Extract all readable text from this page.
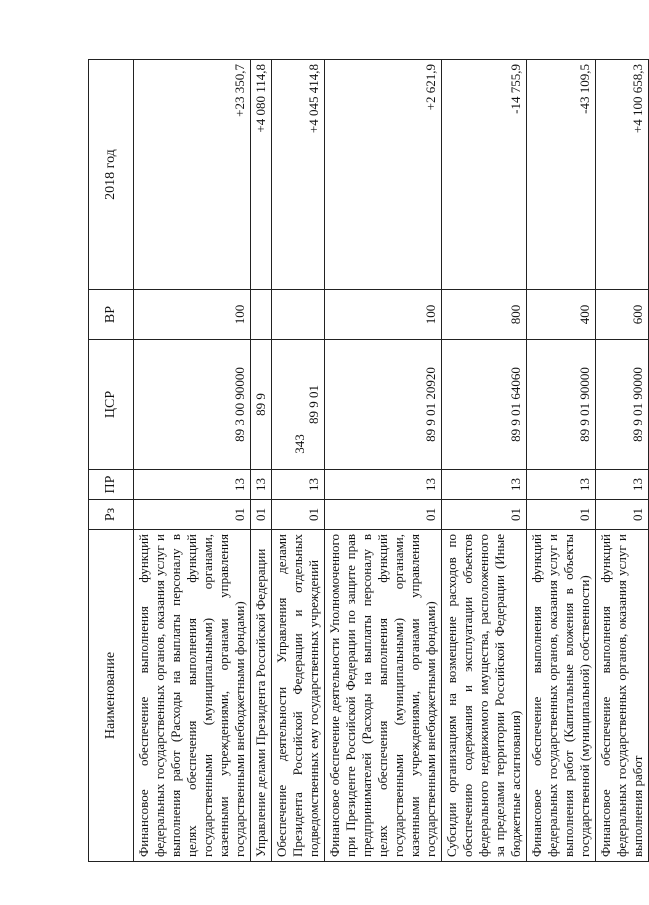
343
Наименование	Рз	ПР	ЦСР	ВР	2018 год
Финансовое обеспечение выполнения функций федеральных государственных органов, оказания услуг и выполнения работ (Расходы на выплаты персоналу в целях обеспечения выполнения функций государственными (муниципальными) органами, казенными учреждениями, органами управления государственными внебюджетными фондами)	01	13	89 3 00 90000	100	+23 350,7
Управление делами Президента Российской Федерации	01	13	89 9		+4 080 114,8
Обеспечение деятельности Управления делами Президента Российской Федерации и отдельных подведомственных ему государственных учреждений	01	13	89 9 01		+4 045 414,8
Финансовое обеспечение деятельности Уполномоченного при Президенте Российской Федерации по защите прав предпринимателей (Расходы на выплаты персоналу в целях обеспечения выполнения функций государственными (муниципальными) органами, казенными учреждениями, органами управления государственными внебюджетными фондами)	01	13	89 9 01 20920	100	+2 621,9
Субсидии организациям на возмещение расходов по обеспечению содержания и эксплуатации объектов федерального недвижимого имущества, расположенного за пределами территории Российской Федерации (Иные бюджетные ассигнования)	01	13	89 9 01 64060	800	-14 755,9
Финансовое обеспечение выполнения функций федеральных государственных органов, оказания услуг и выполнения работ (Капитальные вложения в объекты государственной (муниципальной) собственности)	01	13	89 9 01 90000	400	-43 109,5
Финансовое обеспечение выполнения функций федеральных государственных органов, оказания услуг и выполнения работ	01	13	89 9 01 90000	600	+4 100 658,3
